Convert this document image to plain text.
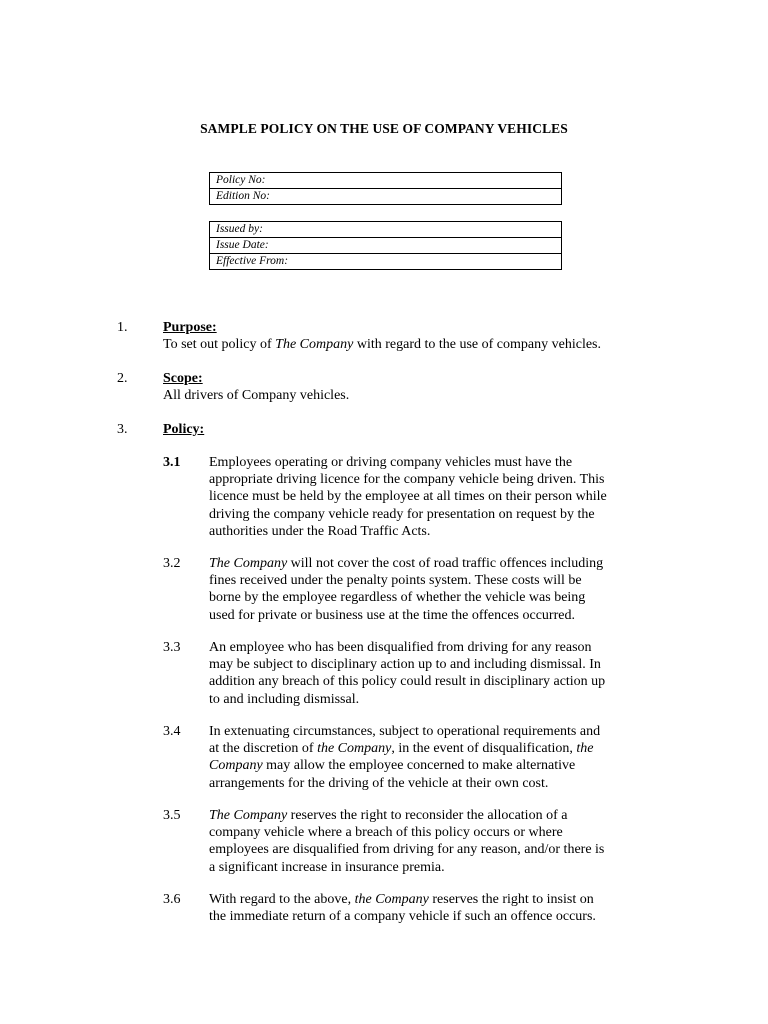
SAMPLE POLICY ON THE USE OF COMPANY VEHICLES
Policy No:
Edition No:
Issued by:
Issue Date:
Effective From:
1.	Purpose:
To set out policy of The Company with regard to the use of company vehicles.
2.	Scope:
All drivers of Company vehicles.
3.	Policy:
3.1 Employees operating or driving company vehicles must have the
appropriate driving licence for the company vehicle being driven. This
licence must be held by the employee at all times on their person while
driving the company vehicle ready for presentation on request by the
authorities under the Road Traffic Acts.
3.2 The Company will not cover the cost of road traffic offences including
fines received under the penalty points system. These costs will be
borne by the employee regardless of whether the vehicle was being
used for private or business use at the time the offences occurred.
3.3 An employee who has been disqualified from driving for any reason
may be subject to disciplinary action up to and including dismissal. In
addition any breach of this policy could result in disciplinary action up
to and including dismissal.
3.4 In extenuating circumstances, subject to operational requirements and
at the discretion of the Company, in the event of disqualification, the
Company may allow the employee concerned to make alternative
arrangements for the driving of the vehicle at their own cost.
3.5 The Company reserves the right to reconsider the allocation of a
company vehicle where a breach of this policy occurs or where
employees are disqualified from driving for any reason, and/or there is
a significant increase in insurance premia.
3.6 With regard to the above, the Company reserves the right to insist on
the immediate return of a company vehicle if such an offence occurs.
